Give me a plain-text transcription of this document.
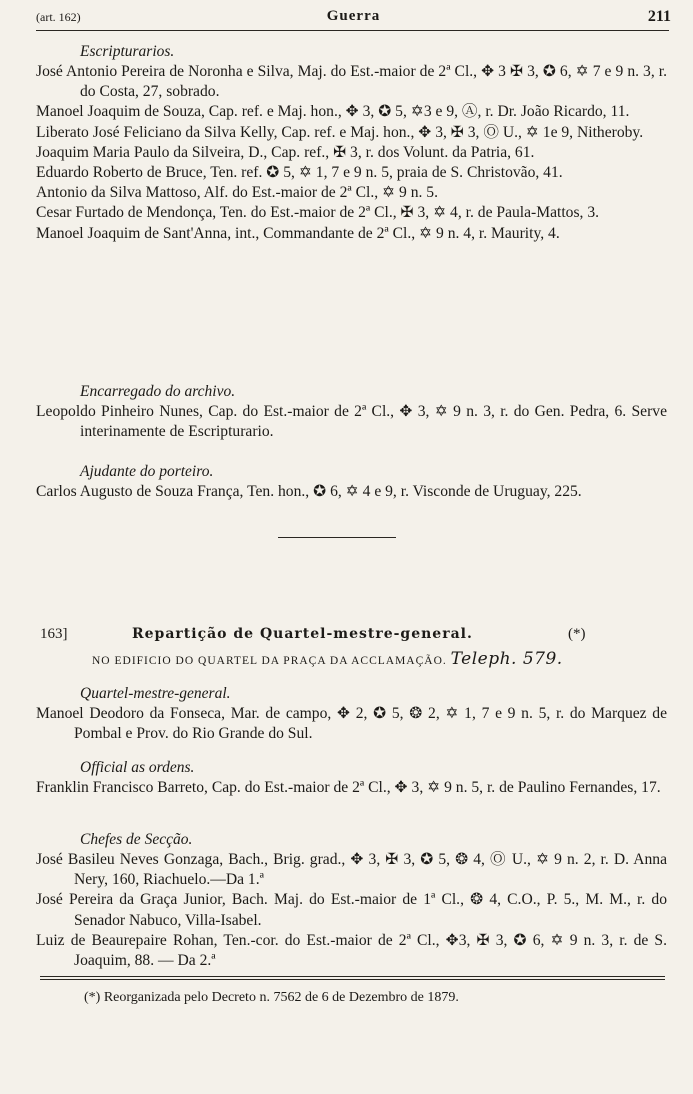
(art. 162)	Guerra	211
Escripturarios.
José Antonio Pereira de Noronha e Silva, Maj. do Est.-maior de 2ª Cl., ✥ 3 ✠ 3, ✪ 6, ✡ 7 e 9 n. 3, r. do Costa, 27, sobrado.
Manoel Joaquim de Souza, Cap. ref. e Maj. hon., ✥ 3, ✪ 5, ✡3 e 9, Ⓐ, r. Dr. João Ricardo, 11.
Liberato José Feliciano da Silva Kelly, Cap. ref. e Maj. hon., ✥ 3, ✠ 3, Ⓞ U., ✡ 1e 9, Nitheroby.
Joaquim Maria Paulo da Silveira, D., Cap. ref., ✠ 3, r. dos Volunt. da Patria, 61.
Eduardo Roberto de Bruce, Ten. ref. ✪ 5, ✡ 1, 7 e 9 n. 5, praia de S. Christovão, 41.
Antonio da Silva Mattoso, Alf. do Est.-maior de 2ª Cl., ✡ 9 n. 5.
Cesar Furtado de Mendonça, Ten. do Est.-maior de 2ª Cl., ✠ 3, ✡ 4, r. de Paula-Mattos, 3.
Manoel Joaquim de Sant'Anna, int., Commandante de 2ª Cl., ✡ 9 n. 4, r. Maurity, 4.
Encarregado do archivo.
Leopoldo Pinheiro Nunes, Cap. do Est.-maior de 2ª Cl., ✥ 3, ✡ 9 n. 3, r. do Gen. Pedra, 6. Serve interinamente de Escripturario.
Ajudante do porteiro.
Carlos Augusto de Souza França, Ten. hon., ✪ 6, ✡ 4 e 9, r. Visconde de Uruguay, 225.
163]	Repartição de Quartel-mestre-general.	(*)
NO EDIFICIO DO QUARTEL DA PRAÇA DA ACCLAMAÇÃO. Teleph. 579.
Quartel-mestre-general.
Manoel Deodoro da Fonseca, Mar. de campo, ✥ 2, ✪ 5, ❂ 2, ✡ 1, 7 e 9 n. 5, r. do Marquez de Pombal e Prov. do Rio Grande do Sul.
Official as ordens.
Franklin Francisco Barreto, Cap. do Est.-maior de 2ª Cl., ✥ 3, ✡ 9 n. 5, r. de Paulino Fernandes, 17.
Chefes de Secção.
José Basileu Neves Gonzaga, Bach., Brig. grad., ✥ 3, ✠ 3, ✪ 5, ❂ 4, Ⓞ U., ✡ 9 n. 2, r. D. Anna Nery, 160, Riachuelo.—Da 1.ª
José Pereira da Graça Junior, Bach. Maj. do Est.-maior de 1ª Cl., ❂ 4, C.O., P. 5., M. M., r. do Senador Nabuco, Villa-Isabel.
Luiz de Beaurepaire Rohan, Ten.-cor. do Est.-maior de 2ª Cl., ✥3, ✠ 3, ✪ 6, ✡ 9 n. 3, r. de S. Joaquim, 88. — Da 2.ª
(*) Reorganizada pelo Decreto n. 7562 de 6 de Dezembro de 1879.
